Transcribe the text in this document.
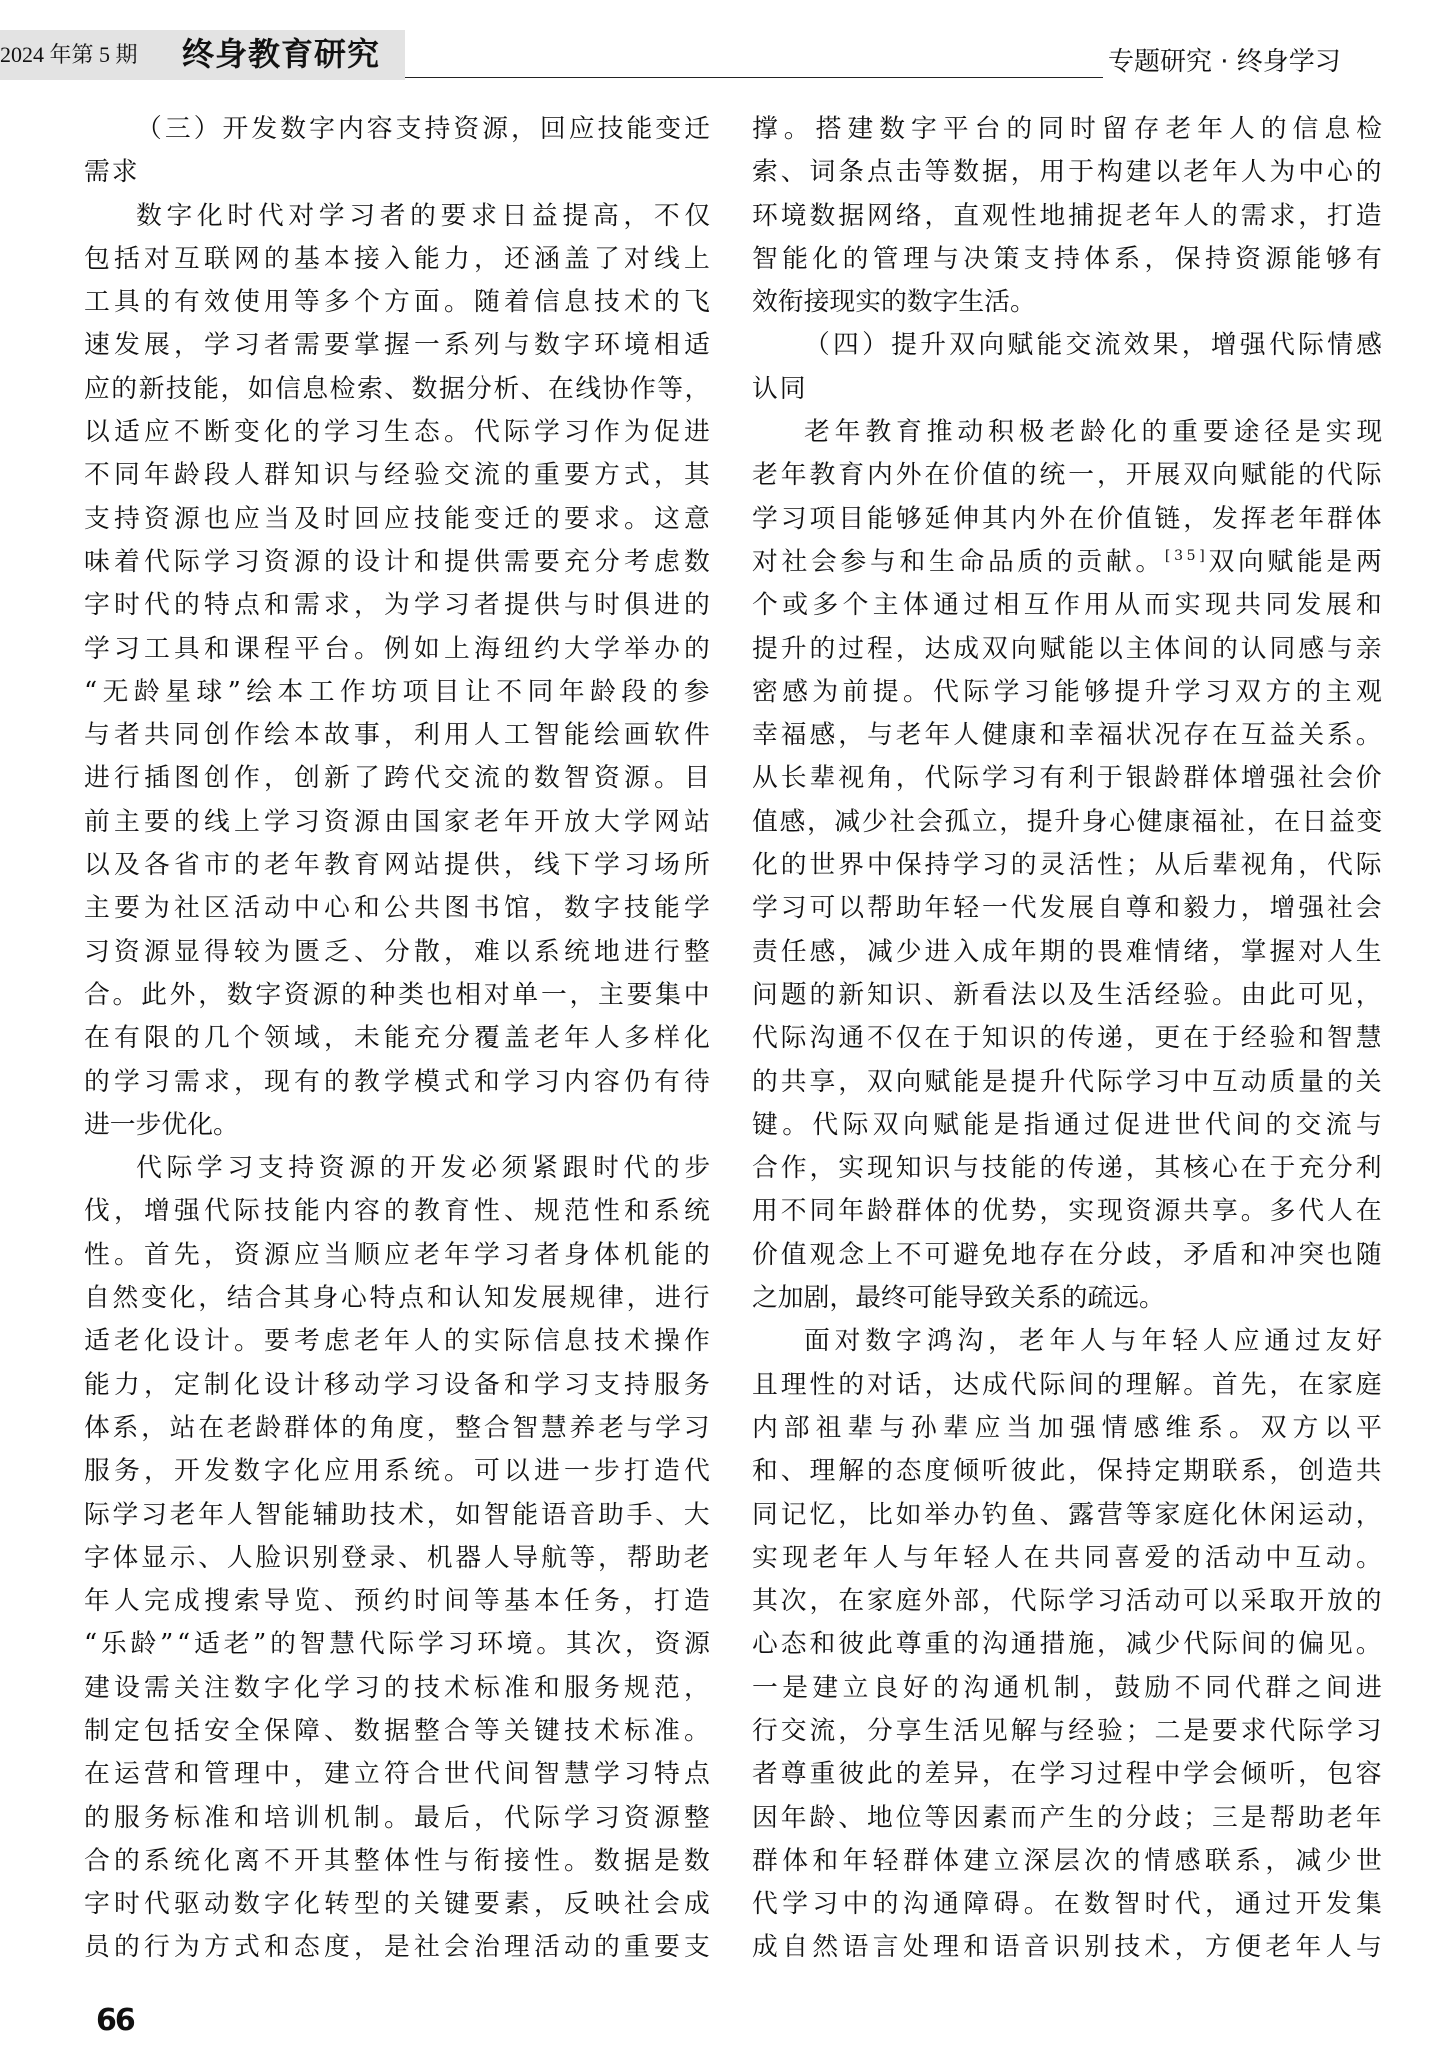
2024 年第 5 期 终身教育研究	专题研究 · 终身学习

（三）开发数字内容支持资源，回应技能变迁
需求

数字化时代对学习者的要求日益提高，不仅
包括对互联网的基本接入能力，还涵盖了对线上
工具的有效使用等多个方面。随着信息技术的飞
速发展，学习者需要掌握一系列与数字环境相适
应的新技能，如信息检索、数据分析、在线协作等，
以适应不断变化的学习生态。代际学习作为促进
不同年龄段人群知识与经验交流的重要方式，其
支持资源也应当及时回应技能变迁的要求。这意
味着代际学习资源的设计和提供需要充分考虑数
字时代的特点和需求，为学习者提供与时俱进的
学习工具和课程平台。例如上海纽约大学举办的
“无龄星球”绘本工作坊项目让不同年龄段的参
与者共同创作绘本故事，利用人工智能绘画软件
进行插图创作，创新了跨代交流的数智资源。目
前主要的线上学习资源由国家老年开放大学网站
以及各省市的老年教育网站提供，线下学习场所
主要为社区活动中心和公共图书馆，数字技能学
习资源显得较为匮乏、分散，难以系统地进行整
合。此外，数字资源的种类也相对单一，主要集中
在有限的几个领域，未能充分覆盖老年人多样化
的学习需求，现有的教学模式和学习内容仍有待
进一步优化。

代际学习支持资源的开发必须紧跟时代的步
伐，增强代际技能内容的教育性、规范性和系统
性。首先，资源应当顺应老年学习者身体机能的
自然变化，结合其身心特点和认知发展规律，进行
适老化设计。要考虑老年人的实际信息技术操作
能力，定制化设计移动学习设备和学习支持服务
体系，站在老龄群体的角度，整合智慧养老与学习
服务，开发数字化应用系统。可以进一步打造代
际学习老年人智能辅助技术，如智能语音助手、大
字体显示、人脸识别登录、机器人导航等，帮助老
年人完成搜索导览、预约时间等基本任务，打造
“乐龄”“适老”的智慧代际学习环境。其次，资源
建设需关注数字化学习的技术标准和服务规范，
制定包括安全保障、数据整合等关键技术标准。
在运营和管理中，建立符合世代间智慧学习特点
的服务标准和培训机制。最后，代际学习资源整
合的系统化离不开其整体性与衔接性。数据是数
字时代驱动数字化转型的关键要素，反映社会成
员的行为方式和态度，是社会治理活动的重要支

撑。搭建数字平台的同时留存老年人的信息检
索、词条点击等数据，用于构建以老年人为中心的
环境数据网络，直观性地捕捉老年人的需求，打造
智能化的管理与决策支持体系，保持资源能够有
效衔接现实的数字生活。

（四）提升双向赋能交流效果，增强代际情感
认同

老年教育推动积极老龄化的重要途径是实现
老年教育内外在价值的统一，开展双向赋能的代际
学习项目能够延伸其内外在价值链，发挥老年群体
对社会参与和生命品质的贡献。[35]双向赋能是两
个或多个主体通过相互作用从而实现共同发展和
提升的过程，达成双向赋能以主体间的认同感与亲
密感为前提。代际学习能够提升学习双方的主观
幸福感，与老年人健康和幸福状况存在互益关系。
从长辈视角，代际学习有利于银龄群体增强社会价
值感，减少社会孤立，提升身心健康福祉，在日益变
化的世界中保持学习的灵活性；从后辈视角，代际
学习可以帮助年轻一代发展自尊和毅力，增强社会
责任感，减少进入成年期的畏难情绪，掌握对人生
问题的新知识、新看法以及生活经验。由此可见，
代际沟通不仅在于知识的传递，更在于经验和智慧
的共享，双向赋能是提升代际学习中互动质量的关
键。代际双向赋能是指通过促进世代间的交流与
合作，实现知识与技能的传递，其核心在于充分利
用不同年龄群体的优势，实现资源共享。多代人在
价值观念上不可避免地存在分歧，矛盾和冲突也随
之加剧，最终可能导致关系的疏远。

面对数字鸿沟，老年人与年轻人应通过友好
且理性的对话，达成代际间的理解。首先，在家庭
内部祖辈与孙辈应当加强情感维系。双方以平
和、理解的态度倾听彼此，保持定期联系，创造共
同记忆，比如举办钓鱼、露营等家庭化休闲运动，
实现老年人与年轻人在共同喜爱的活动中互动。
其次，在家庭外部，代际学习活动可以采取开放的
心态和彼此尊重的沟通措施，减少代际间的偏见。
一是建立良好的沟通机制，鼓励不同代群之间进
行交流，分享生活见解与经验；二是要求代际学习
者尊重彼此的差异，在学习过程中学会倾听，包容
因年龄、地位等因素而产生的分歧；三是帮助老年
群体和年轻群体建立深层次的情感联系，减少世
代学习中的沟通障碍。在数智时代，通过开发集
成自然语言处理和语音识别技术，方便老年人与

66
